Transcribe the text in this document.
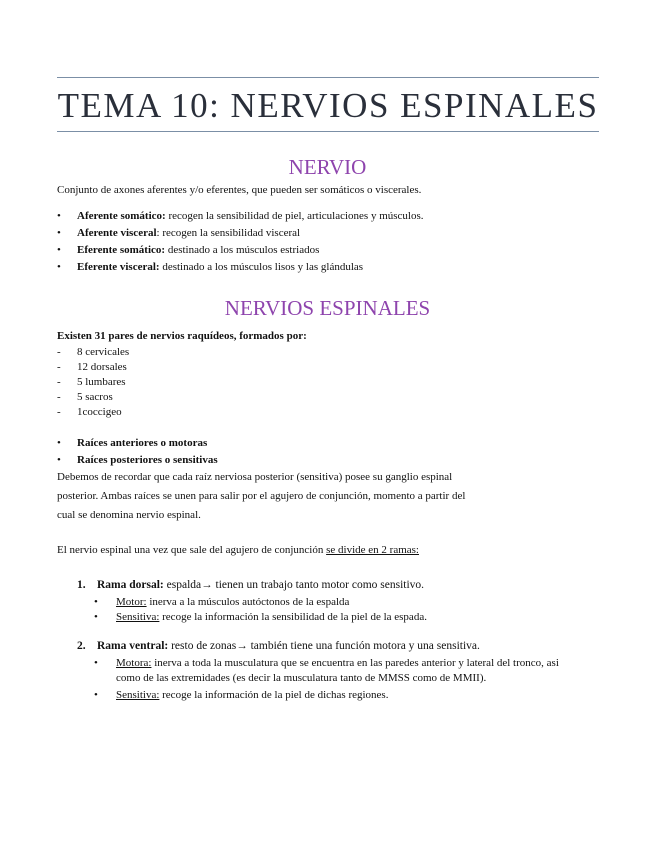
TEMA 10: NERVIOS ESPINALES
NERVIO
Conjunto de axones aferentes y/o eferentes, que pueden ser somáticos o viscerales.
• Aferente somático: recogen la sensibilidad de piel, articulaciones y músculos.
• Aferente visceral: recogen la sensibilidad visceral
• Eferente somático: destinado a los músculos estriados
• Eferente visceral: destinado a los músculos lisos y las glándulas
NERVIOS ESPINALES
Existen 31 pares de nervios raquídeos, formados por:
- 8 cervicales
- 12 dorsales
- 5 lumbares
- 5 sacros
- 1coccigeo
• Raíces anteriores o motoras
• Raíces posteriores o sensitivas
Debemos de recordar que cada raíz nerviosa posterior (sensitiva) posee su ganglio espinal
posterior. Ambas raíces se unen para salir por el agujero de conjunción, momento a partir del
cual se denomina nervio espinal.
El nervio espinal una vez que sale del agujero de conjunción se divide en 2 ramas:
1. Rama dorsal: espalda→ tienen un trabajo tanto motor como sensitivo.
• Motor: inerva a la músculos autóctonos de la espalda
• Sensitiva: recoge la información la sensibilidad de la piel de la espada.
2. Rama ventral: resto de zonas→ también tiene una función motora y una sensitiva.
• Motora: inerva a toda la musculatura que se encuentra en las paredes anterior y lateral del tronco, asi
como de las extremidades (es decir la musculatura tanto de MMSS como de MMII).
• Sensitiva: recoge la información de la piel de dichas regiones.
